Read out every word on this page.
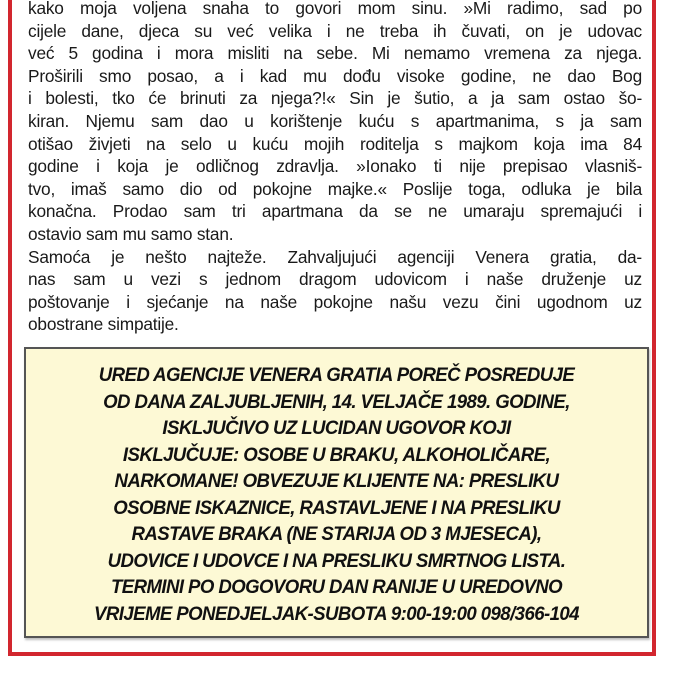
kako moja voljena snaha to govori mom sinu. »Mi radimo, sad po
cijele dane, djeca su već velika i ne treba ih čuvati, on je udovac
već 5 godina i mora misliti na sebe. Mi nemamo vremena za njega.
Proširili smo posao, a i kad mu dođu visoke godine, ne dao Bog
i bolesti, tko će brinuti za njega?!« Sin je šutio, a ja sam ostao šo-
kiran. Njemu sam dao u korištenje kuću s apartmanima, s ja sam
otišao živjeti na selo u kuću mojih roditelja s majkom koja ima 84
godine i koja je odličnog zdravlja. »Ionako ti nije prepisao vlasniš-
tvo, imaš samo dio od pokojne majke.« Poslije toga, odluka je bila
konačna. Prodao sam tri apartmana da se ne umaraju spremajući i
ostavio sam mu samo stan.

Samoća je nešto najteže. Zahvaljujući agenciji Venera gratia, da-
nas sam u vezi s jednom dragom udovicom i naše druženje uz
poštovanje i sjećanje na naše pokojne našu vezu čini ugodnom uz
obostrane simpatije.

URED AGENCIJE VENERA GRATIA POREČ POSREDUJE
OD DANA ZALJUBLJENIH, 14. VELJAČE 1989. GODINE,
ISKLJUČIVO UZ LUCIDAN UGOVOR KOJI
ISKLJUČUJE: OSOBE U BRAKU, ALKOHOLIČARE,
NARKOMANE! OBVEZUJE KLIJENTE NA: PRESLIKU
OSOBNE ISKAZNICE, RASTAVLJENE I NA PRESLIKU
RASTAVE BRAKA (NE STARIJA OD 3 MJESECA),
UDOVICE I UDOVCE I NA PRESLIKU SMRTNOG LISTA.
TERMINI PO DOGOVORU DAN RANIJE U UREDOVNO
VRIJEME PONEDJELJAK-SUBOTA 9:00-19:00 098/366-104
